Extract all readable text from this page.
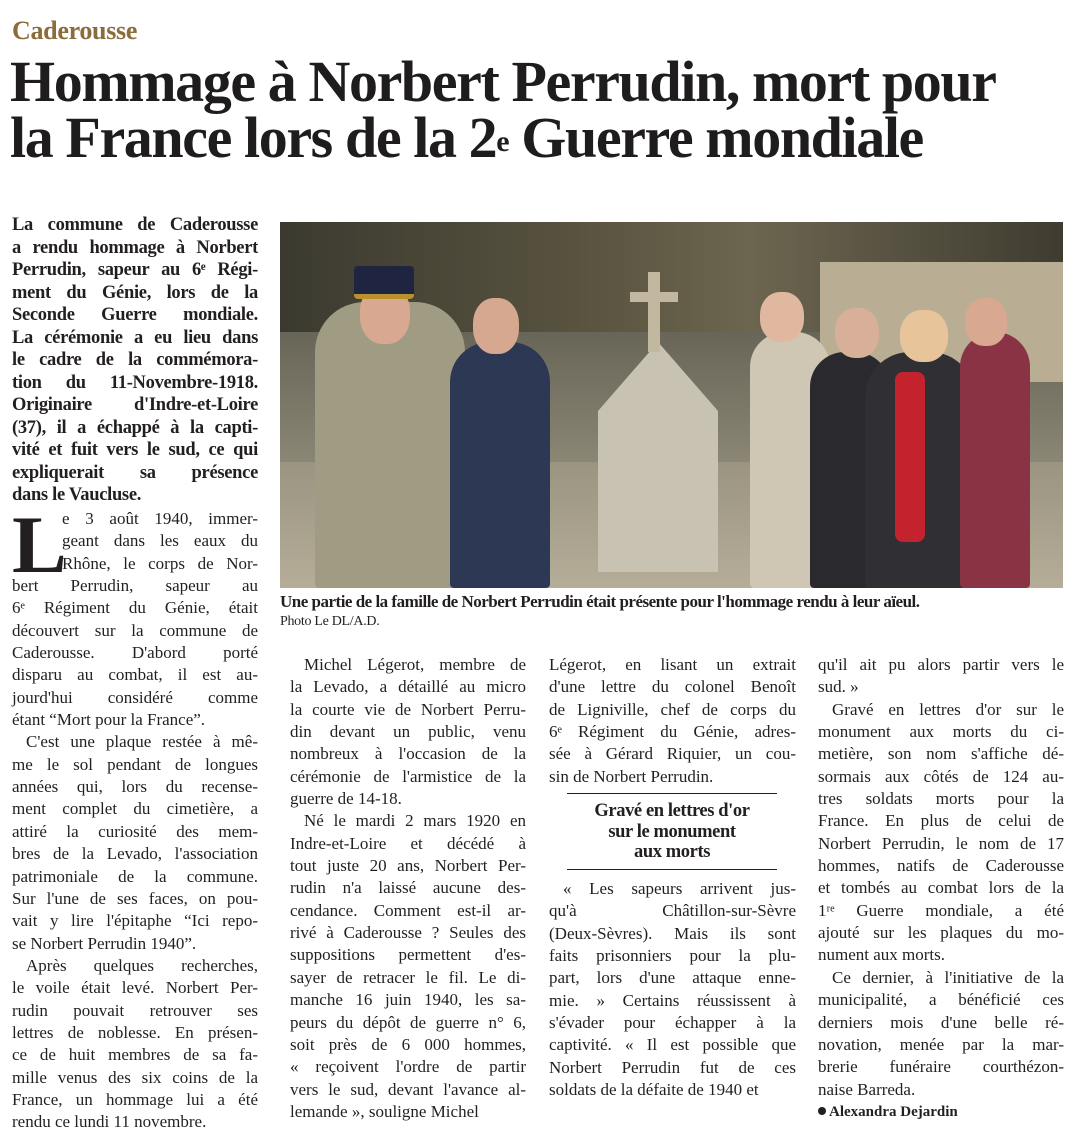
Caderousse
Hommage à Norbert Perrudin, mort pour
la France lors de la 2e Guerre mondiale
La commune de Caderousse
a rendu hommage à Norbert
Perrudin, sapeur au 6ᵉ Régi-
ment du Génie, lors de la
Seconde Guerre mondiale.
La cérémonie a eu lieu dans
le cadre de la commémora-
tion du 11-Novembre-1918.
Originaire d'Indre-et-Loire
(37), il a échappé à la capti-
vité et fuit vers le sud, ce qui
expliquerait sa présence
dans le Vaucluse.
Une partie de la famille de Norbert Perrudin était présente pour l'hommage rendu à leur aïeul.
Photo Le DL/A.D.
L
e 3 août 1940, immer-
geant dans les eaux du
Rhône, le corps de Nor-
bert Perrudin, sapeur au
6ᵉ Régiment du Génie, était
découvert sur la commune de
Caderousse. D'abord porté
disparu au combat, il est au-
jourd'hui considéré comme
étant “Mort pour la France”.
C'est une plaque restée à mê-
me le sol pendant de longues
années qui, lors du recense-
ment complet du cimetière, a
attiré la curiosité des mem-
bres de la Levado, l'association
patrimoniale de la commune.
Sur l'une de ses faces, on pou-
vait y lire l'épitaphe “Ici repo-
se Norbert Perrudin 1940”.
Après quelques recherches,
le voile était levé. Norbert Per-
rudin pouvait retrouver ses
lettres de noblesse. En présen-
ce de huit membres de sa fa-
mille venus des six coins de la
France, un hommage lui a été
rendu ce lundi 11 novembre.
Michel Légerot, membre de
la Levado, a détaillé au micro
la courte vie de Norbert Perru-
din devant un public, venu
nombreux à l'occasion de la
cérémonie de l'armistice de la
guerre de 14-18.
Né le mardi 2 mars 1920 en
Indre-et-Loire et décédé à
tout juste 20 ans, Norbert Per-
rudin n'a laissé aucune des-
cendance. Comment est-il ar-
rivé à Caderousse ? Seules des
suppositions permettent d'es-
sayer de retracer le fil. Le di-
manche 16 juin 1940, les sa-
peurs du dépôt de guerre n° 6,
soit près de 6 000 hommes,
« reçoivent l'ordre de partir
vers le sud, devant l'avance al-
lemande », souligne Michel
Légerot, en lisant un extrait
d'une lettre du colonel Benoît
de Ligniville, chef de corps du
6ᵉ Régiment du Génie, adres-
sée à Gérard Riquier, un cou-
sin de Norbert Perrudin.
Gravé en lettres d'or
sur le monument
aux morts
« Les sapeurs arrivent jus-
qu'à Châtillon-sur-Sèvre
(Deux-Sèvres). Mais ils sont
faits prisonniers pour la plu-
part, lors d'une attaque enne-
mie. » Certains réussissent à
s'évader pour échapper à la
captivité. « Il est possible que
Norbert Perrudin fut de ces
soldats de la défaite de 1940 et
qu'il ait pu alors partir vers le
sud. »
Gravé en lettres d'or sur le
monument aux morts du ci-
metière, son nom s'affiche dé-
sormais aux côtés de 124 au-
tres soldats morts pour la
France. En plus de celui de
Norbert Perrudin, le nom de 17
hommes, natifs de Caderousse
et tombés au combat lors de la
1ʳᵉ Guerre mondiale, a été
ajouté sur les plaques du mo-
nument aux morts.
Ce dernier, à l'initiative de la
municipalité, a bénéficié ces
derniers mois d'une belle ré-
novation, menée par la mar-
brerie funéraire courthézon-
naise Barreda.
Alexandra Dejardin
